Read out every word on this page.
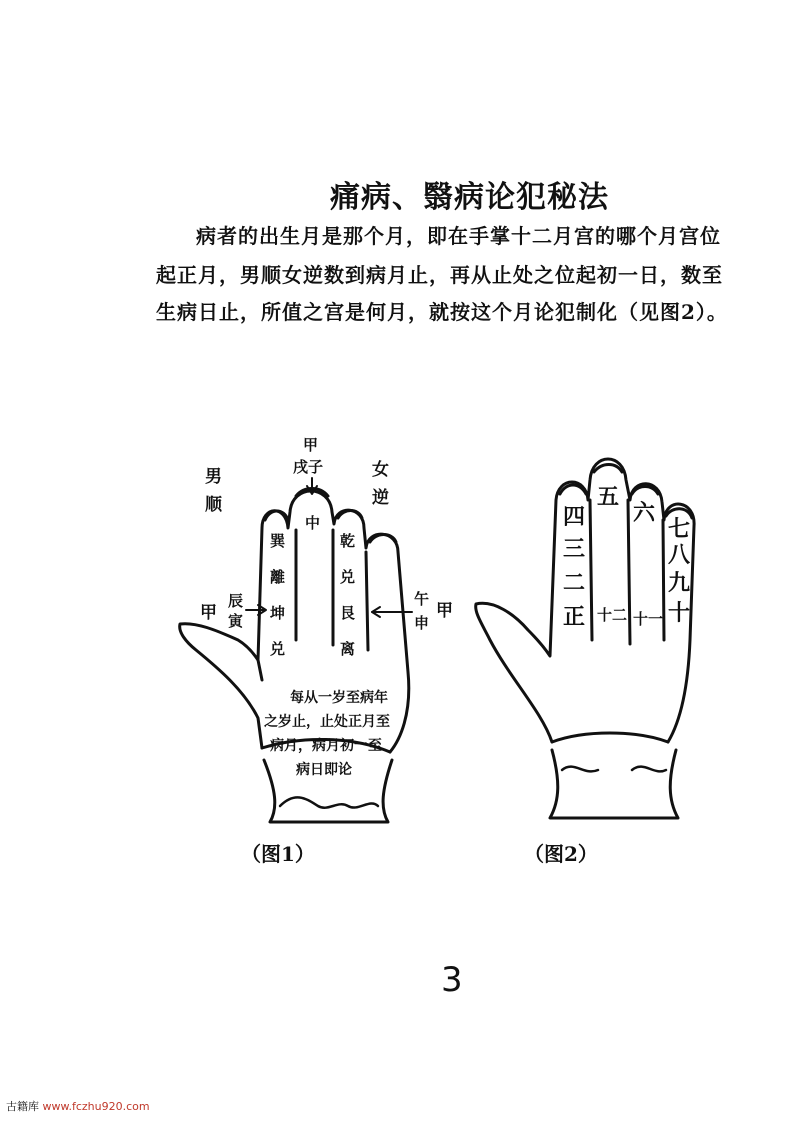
痛病、翳病论犯秘法
病者的出生月是那个月，即在手掌十二月宫的哪个月宫位
起正月，男顺女逆数到病月止，再从止处之位起初一日，数至
生病日止，所值之宫是何月，就按这个月论犯制化（见图2）。
男
顺
女
逆
甲
戌子
巽
離
坤
兑
中
乾
兑
艮
离
甲
辰
寅
午
申
甲
每从一岁至病年
之岁止，止处正月至
病月，病月初一至
病日即论
四
三
二
正
五
十二
六
十一
七
八
九
十
（图1）	（图2）
3
古籍库 www.fczhu920.com
